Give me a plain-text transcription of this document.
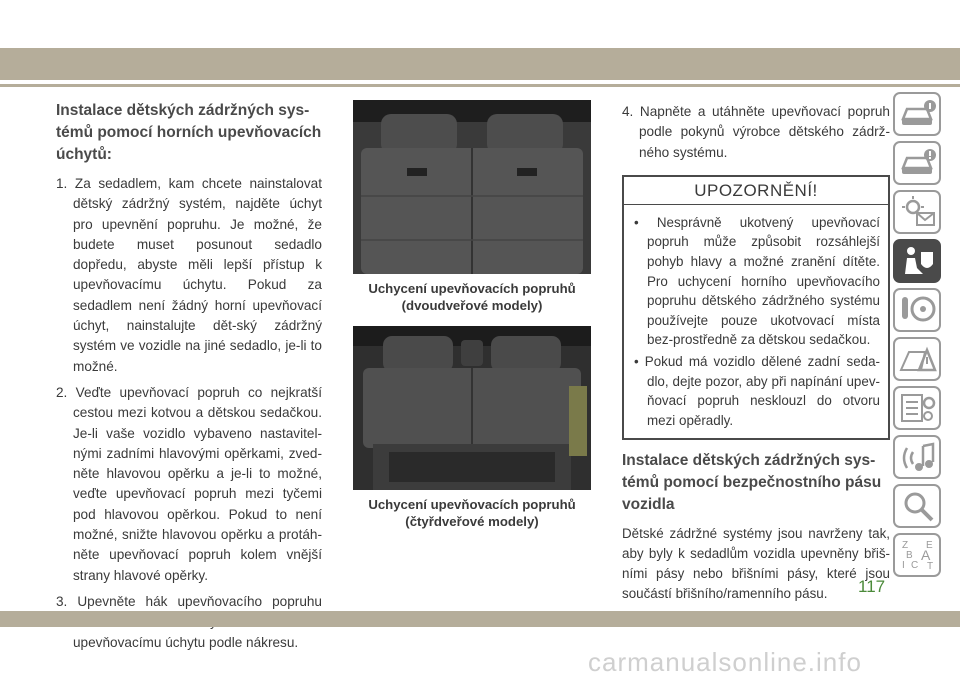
Instalace dětských zádržných sys-
témů pomocí horních upevňovacích
úchytů:
1. Za sedadlem, kam chcete nainstalovat dětský zádržný systém, najděte úchyt pro upevnění popruhu. Je možné, že budete muset posunout sedadlo dopředu, abyste měli lepší přístup k upevňovacímu úchytu. Pokud za sedadlem není žádný horní upevňovací úchyt, nainstalujte dět-ský zádržný systém ve vozidle na jiné sedadlo, je-li to možné.
2. Veďte upevňovací popruh co nejkratší cestou mezi kotvou a dětskou sedačkou. Je-li vaše vozidlo vybaveno nastavitel-nými zadními hlavovými opěrkami, zved-něte hlavovou opěrku a je-li to možné, veďte upevňovací popruh mezi tyčemi pod hlavovou opěrkou. Pokud to není možné, snižte hlavovou opěrku a protáh-něte upevňovací popruh kolem vnější strany hlavové opěrky.
3. Upevněte hák upevňovacího popruhu upevňovacímu úchytu podle nákresu.

Uchycení upevňovacích popruhů
(dvoudveřové modely)

Uchycení upevňovacích popruhů
(čtyřdveřové modely)

4. Napněte a utáhněte upevňovací popruh podle pokynů výrobce dětského zádrž-ného systému.
UPOZORNĚNÍ!
• Nesprávně ukotvený upevňovací popruh může způsobit rozsáhlejší pohyb hlavy a možné zranění dítěte. Pro uchycení horního upevňovacího popruhu dětského zádržného systému používejte pouze ukotvovací místa bez-prostředně za dětskou sedačkou.
• Pokud má vozidlo dělené zadní seda-dlo, dejte pozor, aby při napínání upev-ňovací popruh nesklouzl do otvoru mezi opěradly.
Instalace dětských zádržných sys-
témů pomocí bezpečnostního pásu
vozidla

Dětské zádržné systémy jsou navrženy tak, aby byly k sedadlům vozidla upevněny břiš-ními pásy nebo břišními pásy, které jsou součástí břišního/ramenního pásu.

Z E
B A
I C T
117
carmanualsonline.info
